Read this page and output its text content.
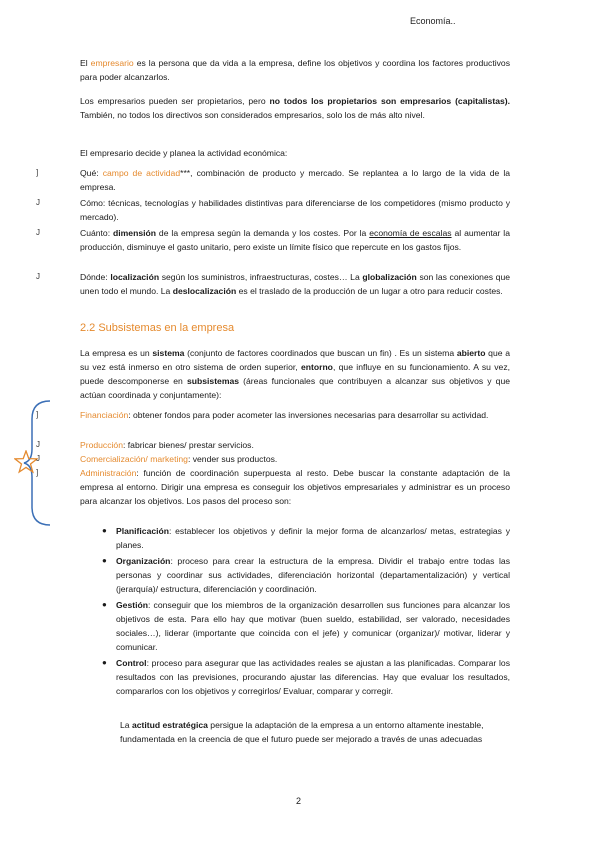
Economía..
El empresario es la persona que da vida a la empresa, define los objetivos y coordina los factores productivos para poder alcanzarlos.
Los empresarios pueden ser propietarios, pero no todos los propietarios son empresarios (capitalistas). También, no todos los directivos son considerados empresarios, solo los de más alto nivel.
El empresario decide y planea la actividad económica:
]	Qué: campo de actividad***, combinación de producto y mercado. Se replantea a lo largo de la vida de la empresa.
J	Cómo: técnicas, tecnologías y habilidades distintivas para diferenciarse de los competidores (mismo producto y mercado).
J	Cuánto: dimensión de la empresa según la demanda y los costes. Por la economía de escalas al aumentar la producción, disminuye el gasto unitario, pero existe un límite físico que repercute en los gastos fijos.
J	Dónde: localización según los suministros, infraestructuras, costes… La globalización son las conexiones que unen todo el mundo. La deslocalización es el traslado de la producción de un lugar a otro para reducir costes.
2.2 Subsistemas en la empresa
La empresa es un sistema (conjunto de factores coordinados que buscan un fin) . Es un sistema abierto que a su vez está inmerso en otro sistema de orden superior, entorno, que influye en su funcionamiento. A su vez, puede descomponerse en subsistemas (áreas funcionales que contribuyen a alcanzar sus objetivos y que actúan coordinada y conjuntamente):
]	Financiación: obtener fondos para poder acometer las inversiones necesarias para desarrollar su actividad.
J	Producción: fabricar bienes/ prestar servicios.
J	Comercialización/ marketing: vender sus productos.
]	Administración: función de coordinación superpuesta al resto. Debe buscar la constante adaptación de la empresa al entorno. Dirigir una empresa es conseguir los objetivos empresariales y administrar es un proceso para alcanzar los objetivos. Los pasos del proceso son:
● Planificación: establecer los objetivos y definir la mejor forma de alcanzarlos/ metas, estrategias y planes.
● Organización: proceso para crear la estructura de la empresa. Dividir el trabajo entre todas las personas y coordinar sus actividades, diferenciación horizontal (departamentalización) y vertical (jerarquía)/ estructura, diferenciación y coordinación.
● Gestión: conseguir que los miembros de la organización desarrollen sus funciones para alcanzar los objetivos de esta. Para ello hay que motivar (buen sueldo, estabilidad, ser valorado, necesidades sociales…), liderar (importante que coincida con el jefe) y comunicar (organizar)/ motivar, liderar y comunicar.
● Control: proceso para asegurar que las actividades reales se ajustan a las planificadas. Comparar los resultados con las previsiones, procurando ajustar las diferencias. Hay que evaluar los resultados, compararlos con los objetivos y corregirlos/ Evaluar, comparar y corregir.
La actitud estratégica persigue la adaptación de la empresa a un entorno altamente inestable, fundamentada en la creencia de que el futuro puede ser mejorado a través de unas adecuadas
2
